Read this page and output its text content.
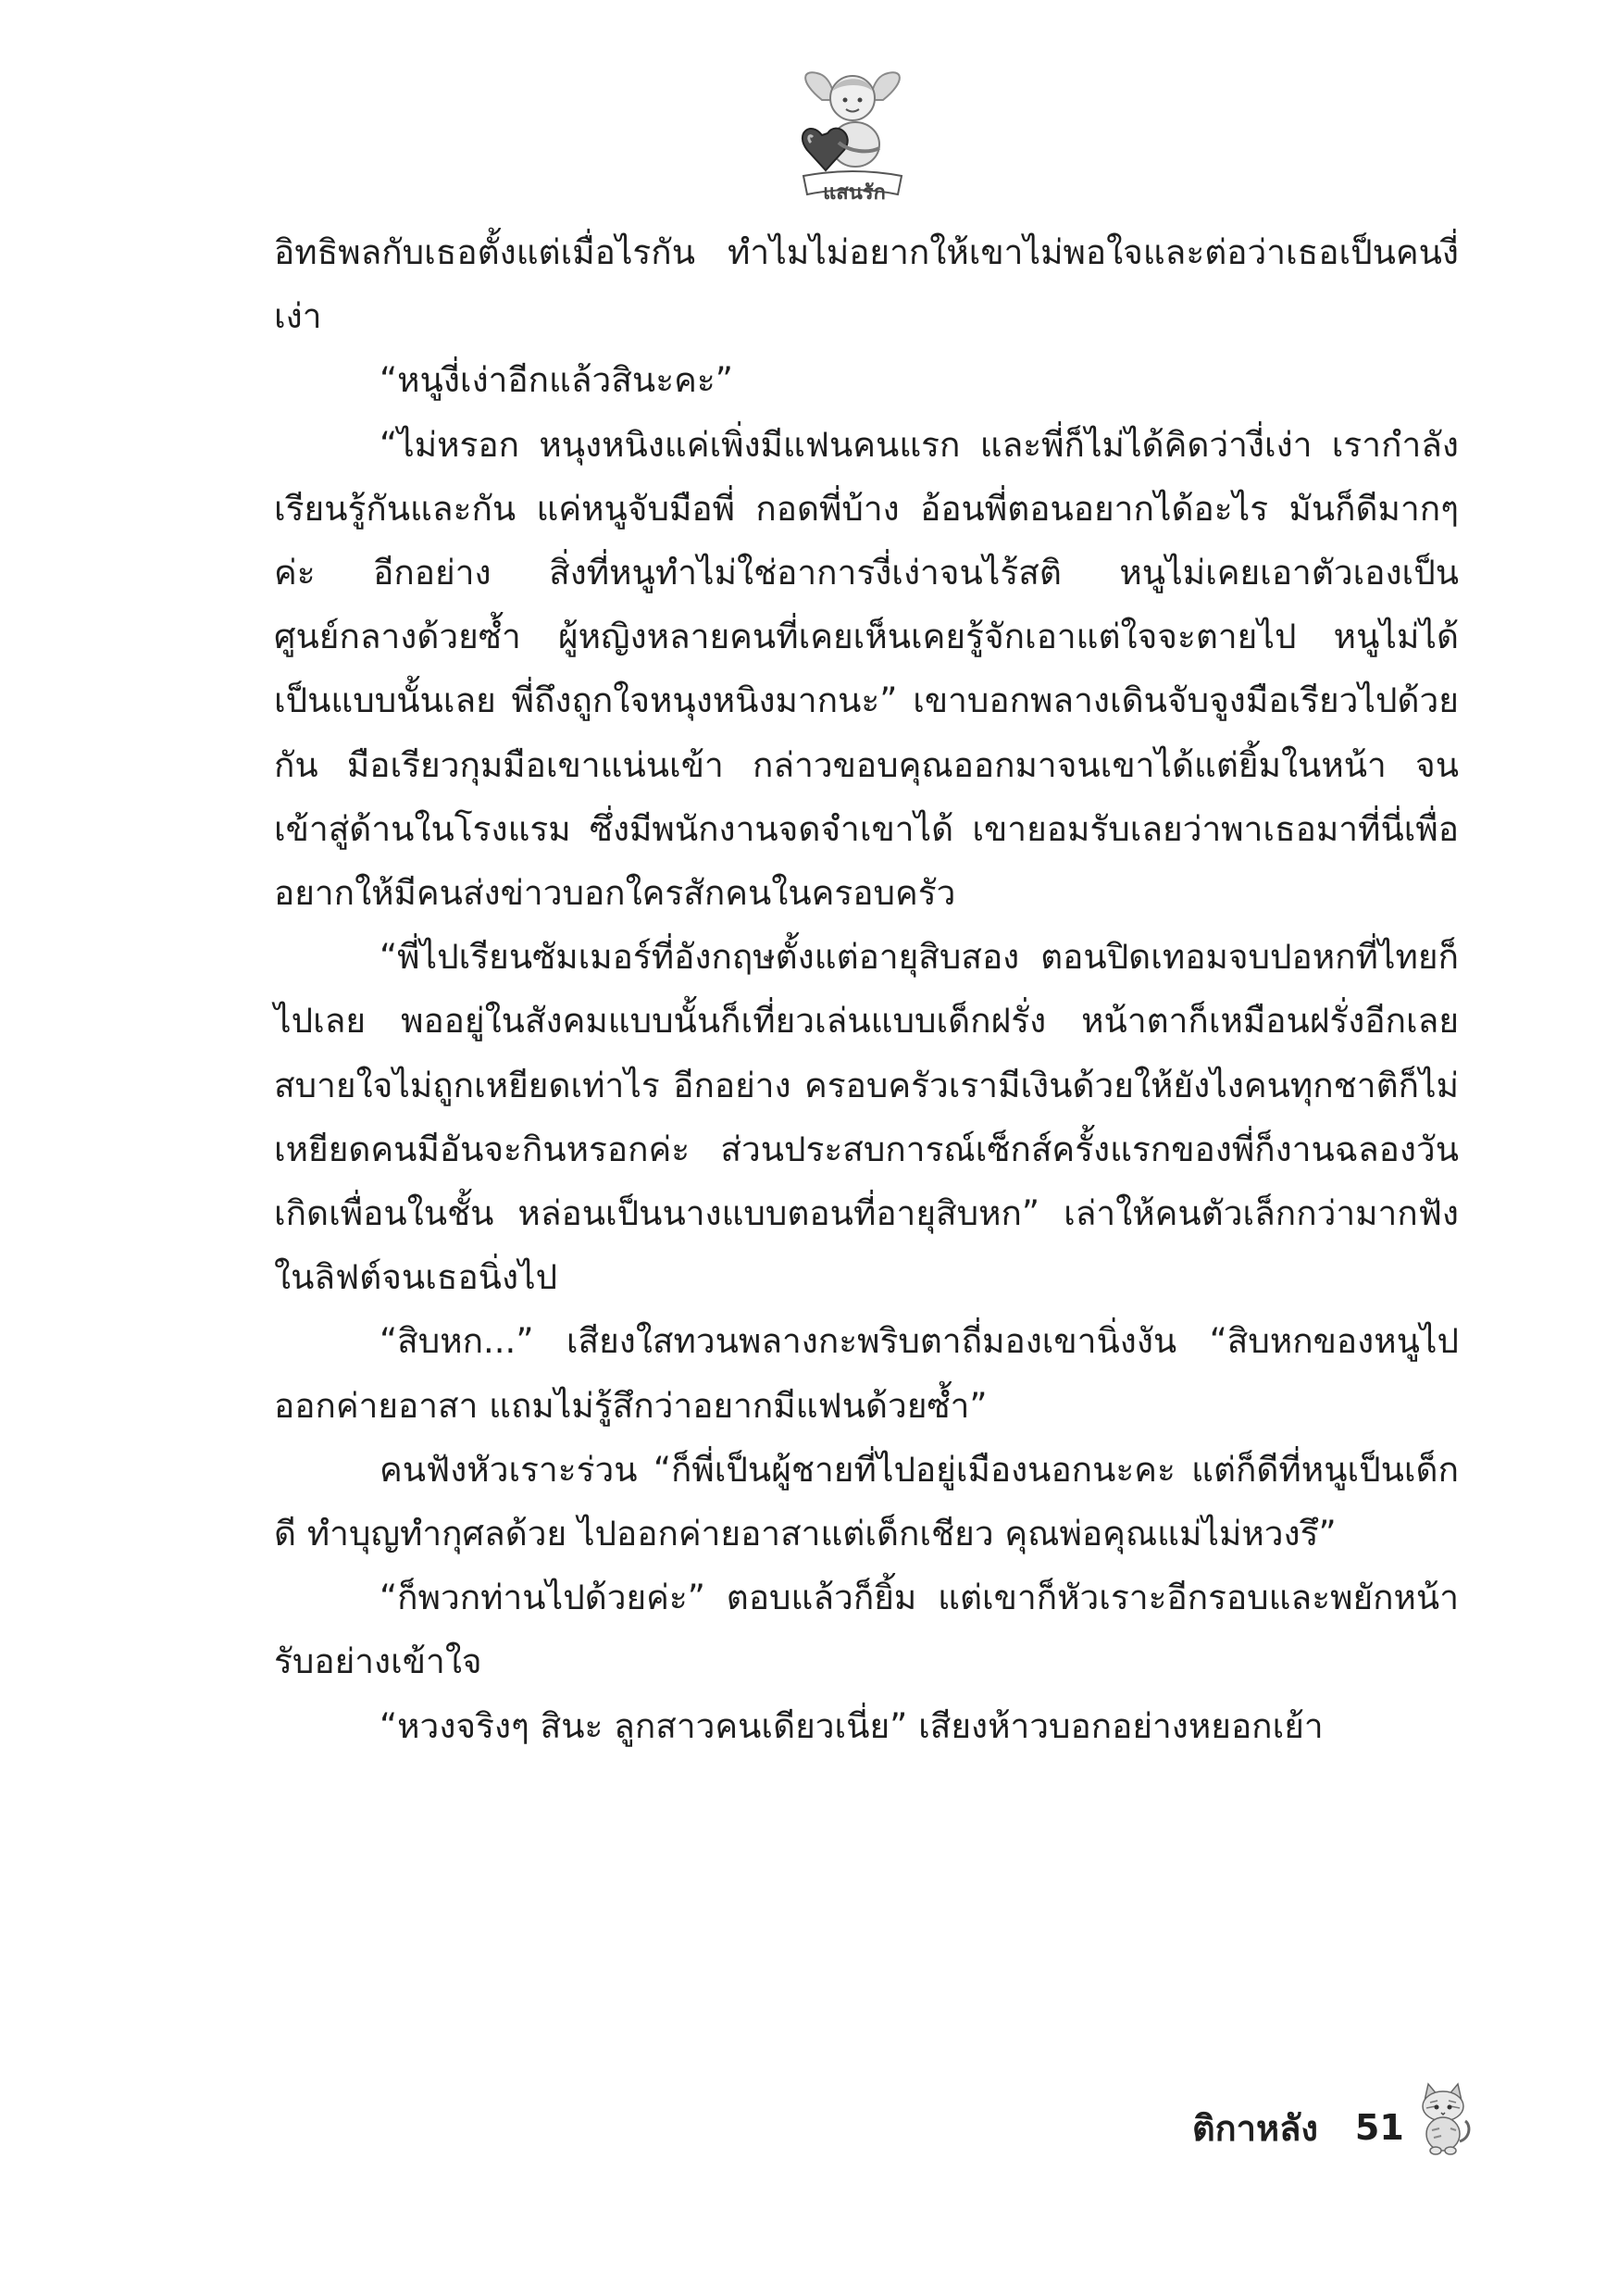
แสนรัก

อิทธิพลกับเธอตั้งแต่เมื่อไรกัน ทำไมไม่อยากให้เขาไม่พอใจและต่อว่าเธอเป็นคนงี่เง่า

“หนูงี่เง่าอีกแล้วสินะคะ”

“ไม่หรอก หนุงหนิงแค่เพิ่งมีแฟนคนแรก และพี่ก็ไม่ได้คิดว่างี่เง่า เรากำลังเรียนรู้กันและกัน แค่หนูจับมือพี่ กอดพี่บ้าง อ้อนพี่ตอนอยากได้อะไร มันก็ดีมากๆ ค่ะ อีกอย่าง สิ่งที่หนูทำไม่ใช่อาการงี่เง่าจนไร้สติ หนูไม่เคยเอาตัวเองเป็นศูนย์กลางด้วยซ้ำ ผู้หญิงหลายคนที่เคยเห็นเคยรู้จักเอาแต่ใจจะตายไป หนูไม่ได้เป็นแบบนั้นเลย พี่ถึงถูกใจหนุงหนิงมากนะ” เขาบอกพลางเดินจับจูงมือเรียวไปด้วยกัน มือเรียวกุมมือเขาแน่นเข้า กล่าวขอบคุณออกมาจนเขาได้แต่ยิ้มในหน้า จนเข้าสู่ด้านในโรงแรม ซึ่งมีพนักงานจดจำเขาได้ เขายอมรับเลยว่าพาเธอมาที่นี่เพื่ออยากให้มีคนส่งข่าวบอกใครสักคนในครอบครัว

“พี่ไปเรียนซัมเมอร์ที่อังกฤษตั้งแต่อายุสิบสอง ตอนปิดเทอมจบปอหกที่ไทยก็ไปเลย พออยู่ในสังคมแบบนั้นก็เที่ยวเล่นแบบเด็กฝรั่ง หน้าตาก็เหมือนฝรั่งอีกเลยสบายใจไม่ถูกเหยียดเท่าไร อีกอย่าง ครอบครัวเรามีเงินด้วยให้ยังไงคนทุกชาติก็ไม่เหยียดคนมีอันจะกินหรอกค่ะ ส่วนประสบการณ์เซ็กส์ครั้งแรกของพี่ก็งานฉลองวันเกิดเพื่อนในชั้น หล่อนเป็นนางแบบตอนที่อายุสิบหก” เล่าให้คนตัวเล็กกว่ามากฟังในลิฟต์จนเธอนิ่งไป

“สิบหก...” เสียงใสทวนพลางกะพริบตาถี่มองเขานิ่งงัน “สิบหกของหนูไปออกค่ายอาสา แถมไม่รู้สึกว่าอยากมีแฟนด้วยซ้ำ”

คนฟังหัวเราะร่วน “ก็พี่เป็นผู้ชายที่ไปอยู่เมืองนอกนะคะ แต่ก็ดีที่หนูเป็นเด็กดี ทำบุญทำกุศลด้วย ไปออกค่ายอาสาแต่เด็กเชียว คุณพ่อคุณแม่ไม่หวงรึ”

“ก็พวกท่านไปด้วยค่ะ” ตอบแล้วก็ยิ้ม แต่เขาก็หัวเราะอีกรอบและพยักหน้ารับอย่างเข้าใจ

“หวงจริงๆ สินะ ลูกสาวคนเดียวเนี่ย” เสียงห้าวบอกอย่างหยอกเย้า

ติกาหลัง 51
